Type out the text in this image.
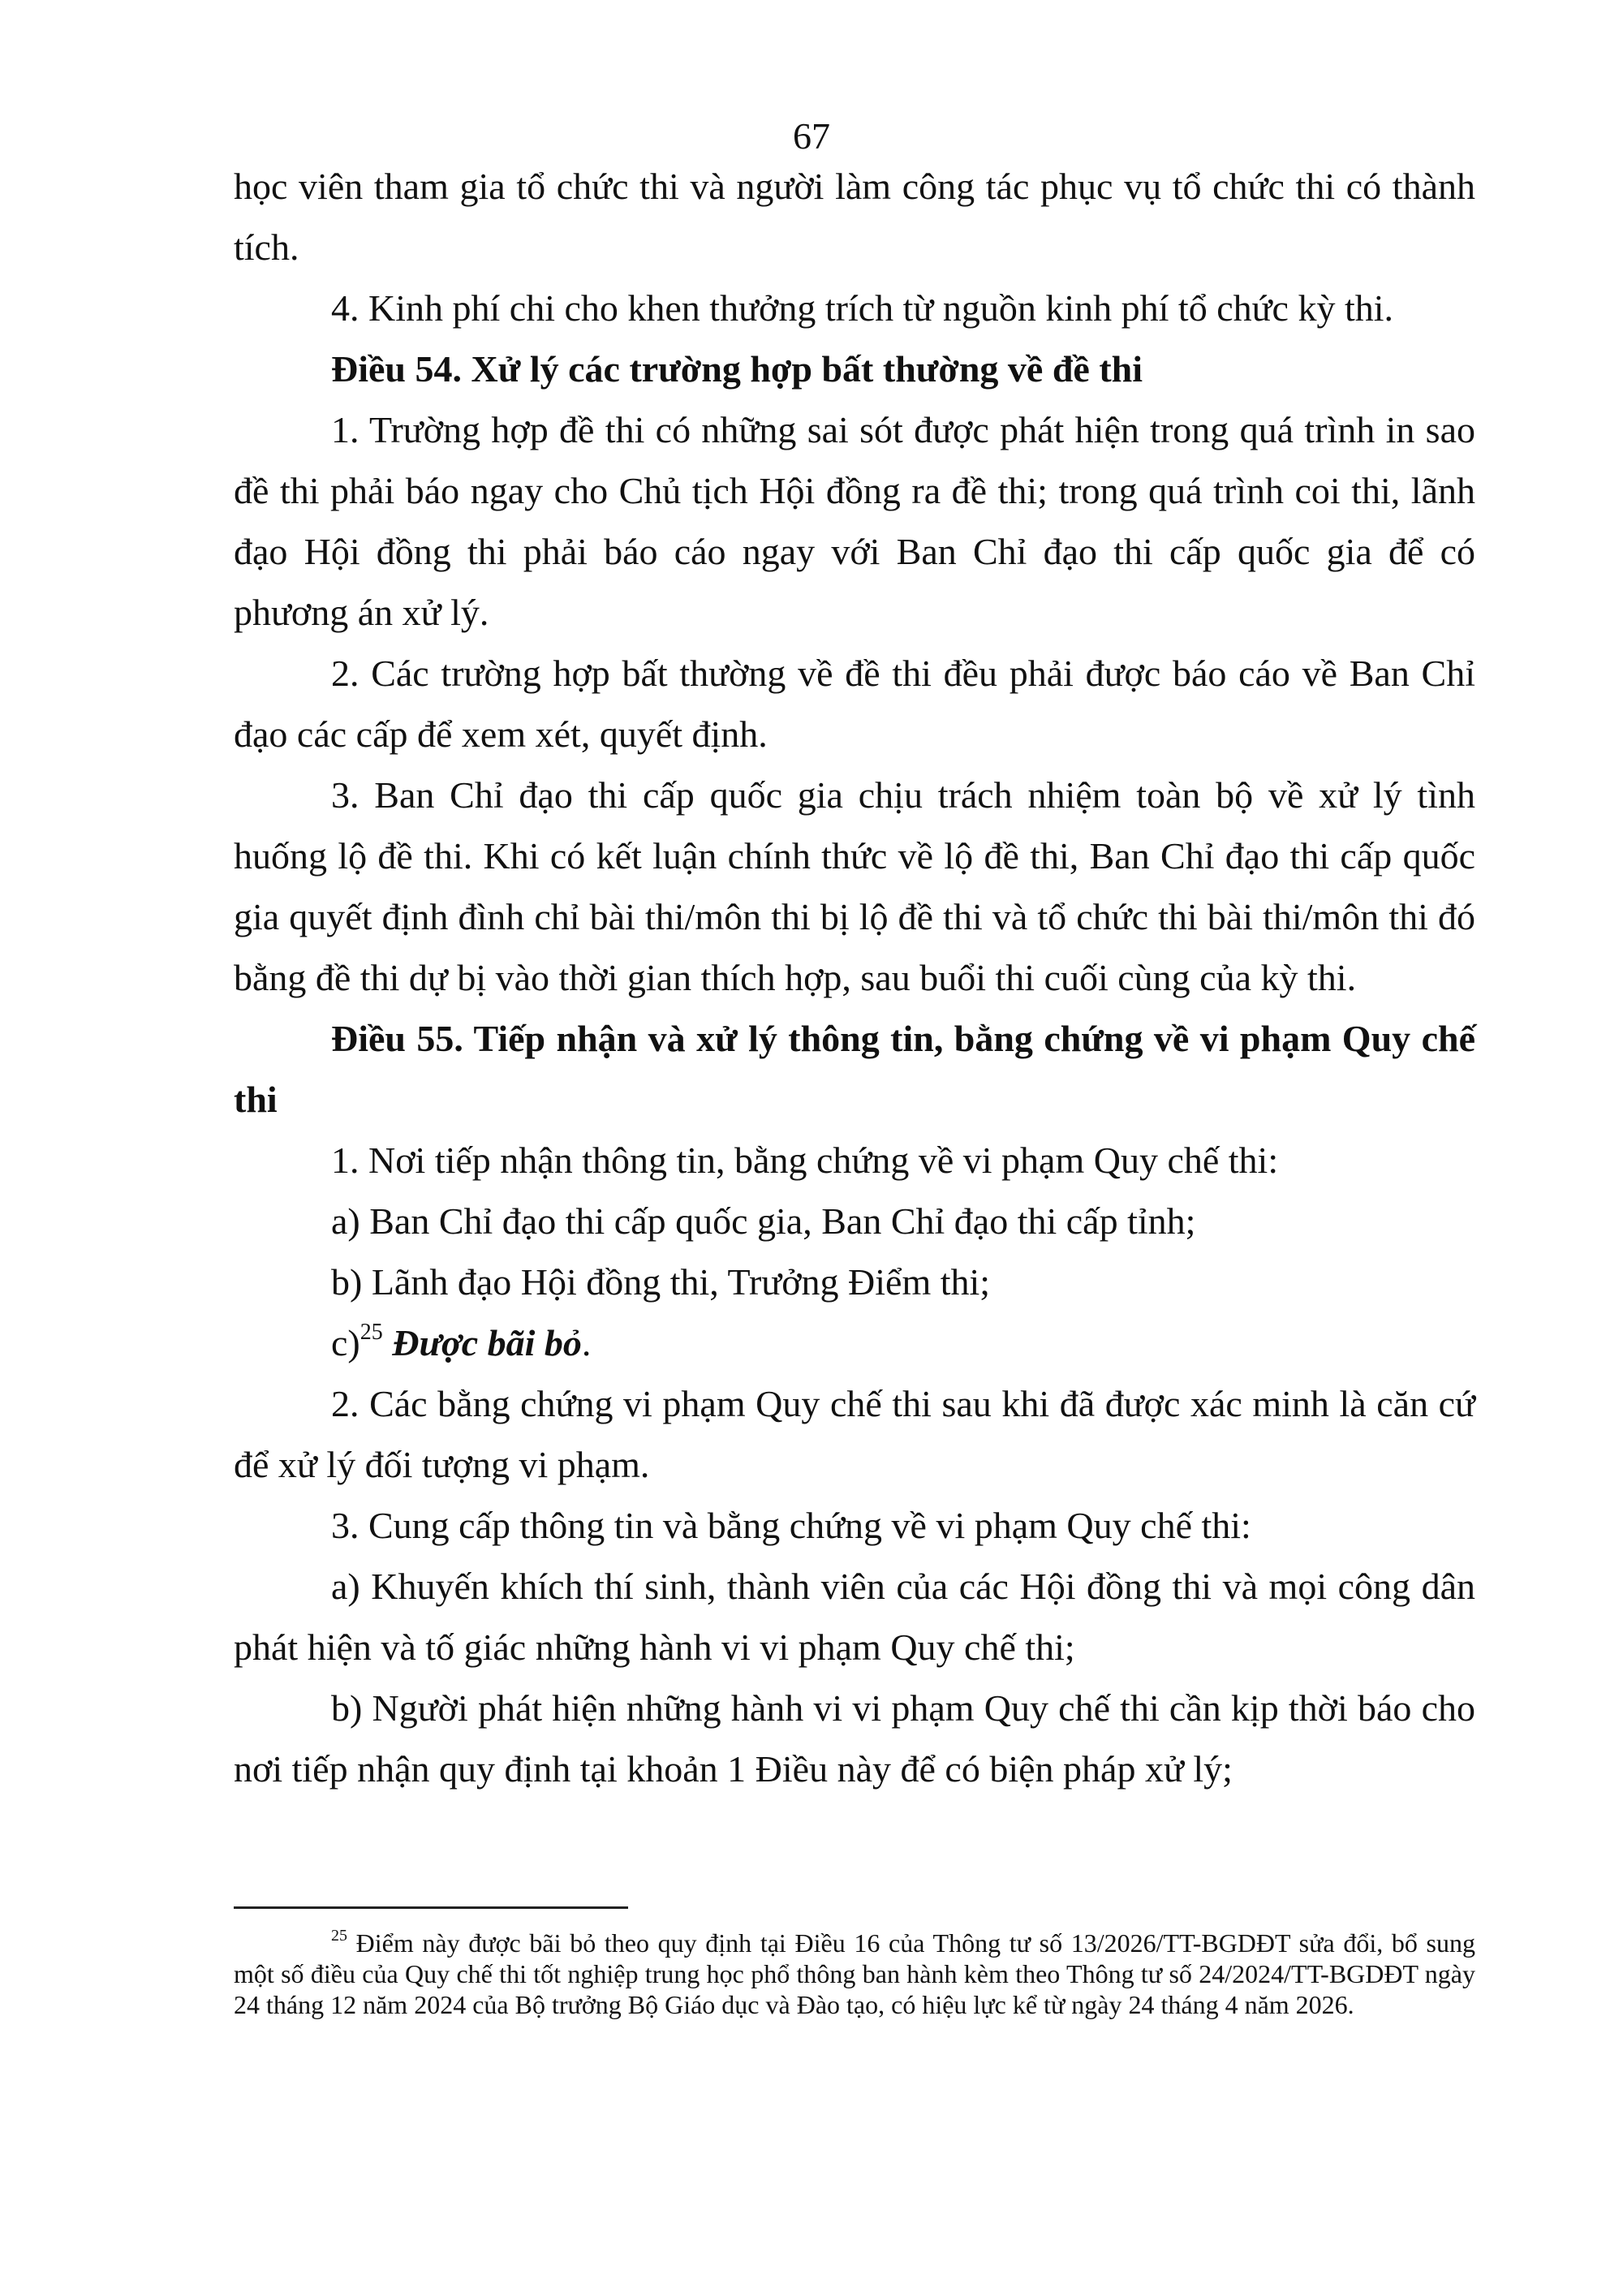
67

học viên tham gia tổ chức thi và người làm công tác phục vụ tổ chức thi có thành tích.

4. Kinh phí chi cho khen thưởng trích từ nguồn kinh phí tổ chức kỳ thi.

Điều 54. Xử lý các trường hợp bất thường về đề thi

1. Trường hợp đề thi có những sai sót được phát hiện trong quá trình in sao đề thi phải báo ngay cho Chủ tịch Hội đồng ra đề thi; trong quá trình coi thi, lãnh đạo Hội đồng thi phải báo cáo ngay với Ban Chỉ đạo thi cấp quốc gia để có phương án xử lý.

2. Các trường hợp bất thường về đề thi đều phải được báo cáo về Ban Chỉ đạo các cấp để xem xét, quyết định.

3. Ban Chỉ đạo thi cấp quốc gia chịu trách nhiệm toàn bộ về xử lý tình huống lộ đề thi. Khi có kết luận chính thức về lộ đề thi, Ban Chỉ đạo thi cấp quốc gia quyết định đình chỉ bài thi/môn thi bị lộ đề thi và tổ chức thi bài thi/môn thi đó bằng đề thi dự bị vào thời gian thích hợp, sau buổi thi cuối cùng của kỳ thi.

Điều 55. Tiếp nhận và xử lý thông tin, bằng chứng về vi phạm Quy chế thi

1. Nơi tiếp nhận thông tin, bằng chứng về vi phạm Quy chế thi:

a) Ban Chỉ đạo thi cấp quốc gia, Ban Chỉ đạo thi cấp tỉnh;

b) Lãnh đạo Hội đồng thi, Trưởng Điểm thi;

c)$^{25}$ Được bãi bỏ.

2. Các bằng chứng vi phạm Quy chế thi sau khi đã được xác minh là căn cứ để xử lý đối tượng vi phạm.

3. Cung cấp thông tin và bằng chứng về vi phạm Quy chế thi:

a) Khuyến khích thí sinh, thành viên của các Hội đồng thi và mọi công dân phát hiện và tố giác những hành vi vi phạm Quy chế thi;

b) Người phát hiện những hành vi vi phạm Quy chế thi cần kịp thời báo cho nơi tiếp nhận quy định tại khoản 1 Điều này để có biện pháp xử lý;

$^{25}$ Điểm này được bãi bỏ theo quy định tại Điều 16 của Thông tư số 13/2026/TT-BGDĐT sửa đổi, bổ sung một số điều của Quy chế thi tốt nghiệp trung học phổ thông ban hành kèm theo Thông tư số 24/2024/TT-BGDĐT ngày 24 tháng 12 năm 2024 của Bộ trưởng Bộ Giáo dục và Đào tạo, có hiệu lực kể từ ngày 24 tháng 4 năm 2026.
